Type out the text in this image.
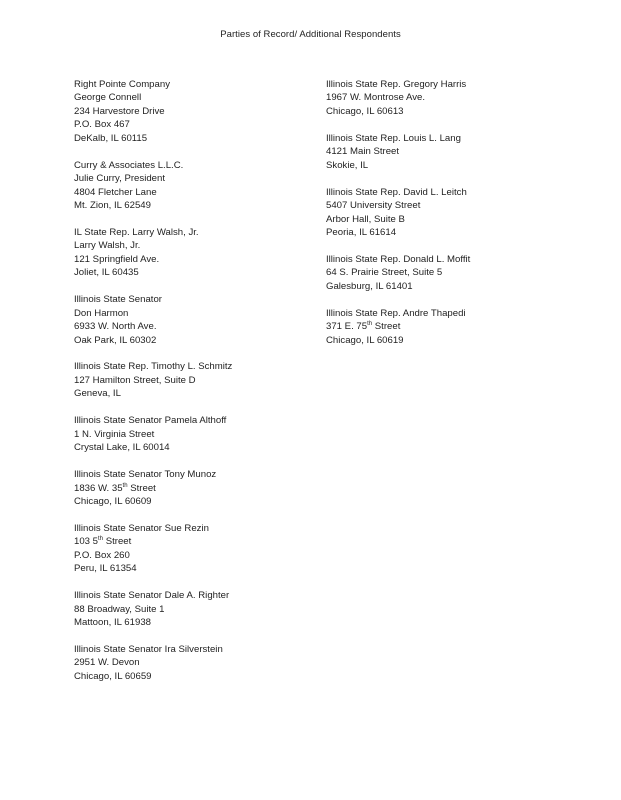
Parties of Record/ Additional Respondents
Right Pointe Company
George Connell
234 Harvestore Drive
P.O. Box 467
DeKalb, IL 60115
Curry & Associates L.L.C.
Julie Curry, President
4804 Fletcher Lane
Mt. Zion, IL 62549
IL State Rep. Larry Walsh, Jr.
Larry Walsh, Jr.
121 Springfield Ave.
Joliet, IL 60435
Illinois State Senator
Don Harmon
6933 W. North Ave.
Oak Park, IL 60302
Illinois State Rep. Timothy L. Schmitz
127 Hamilton Street, Suite D
Geneva, IL
Illinois State Senator Pamela Althoff
1 N. Virginia Street
Crystal Lake, IL 60014
Illinois State Senator Tony Munoz
1836 W. 35th Street
Chicago, IL 60609
Illinois State Senator Sue Rezin
103 5th Street
P.O. Box 260
Peru, IL 61354
Illinois State Senator Dale A. Righter
88 Broadway, Suite 1
Mattoon, IL 61938
Illinois State Senator Ira Silverstein
2951 W. Devon
Chicago, IL 60659
Illinois State Rep. Gregory Harris
1967 W. Montrose Ave.
Chicago, IL 60613
Illinois State Rep. Louis L. Lang
4121 Main Street
Skokie, IL
Illinois State Rep. David L. Leitch
5407 University Street
Arbor Hall, Suite B
Peoria, IL 61614
Illinois State Rep. Donald L. Moffit
64 S. Prairie Street, Suite 5
Galesburg, IL 61401
Illinois State Rep. Andre Thapedi
371 E. 75th Street
Chicago, IL 60619
